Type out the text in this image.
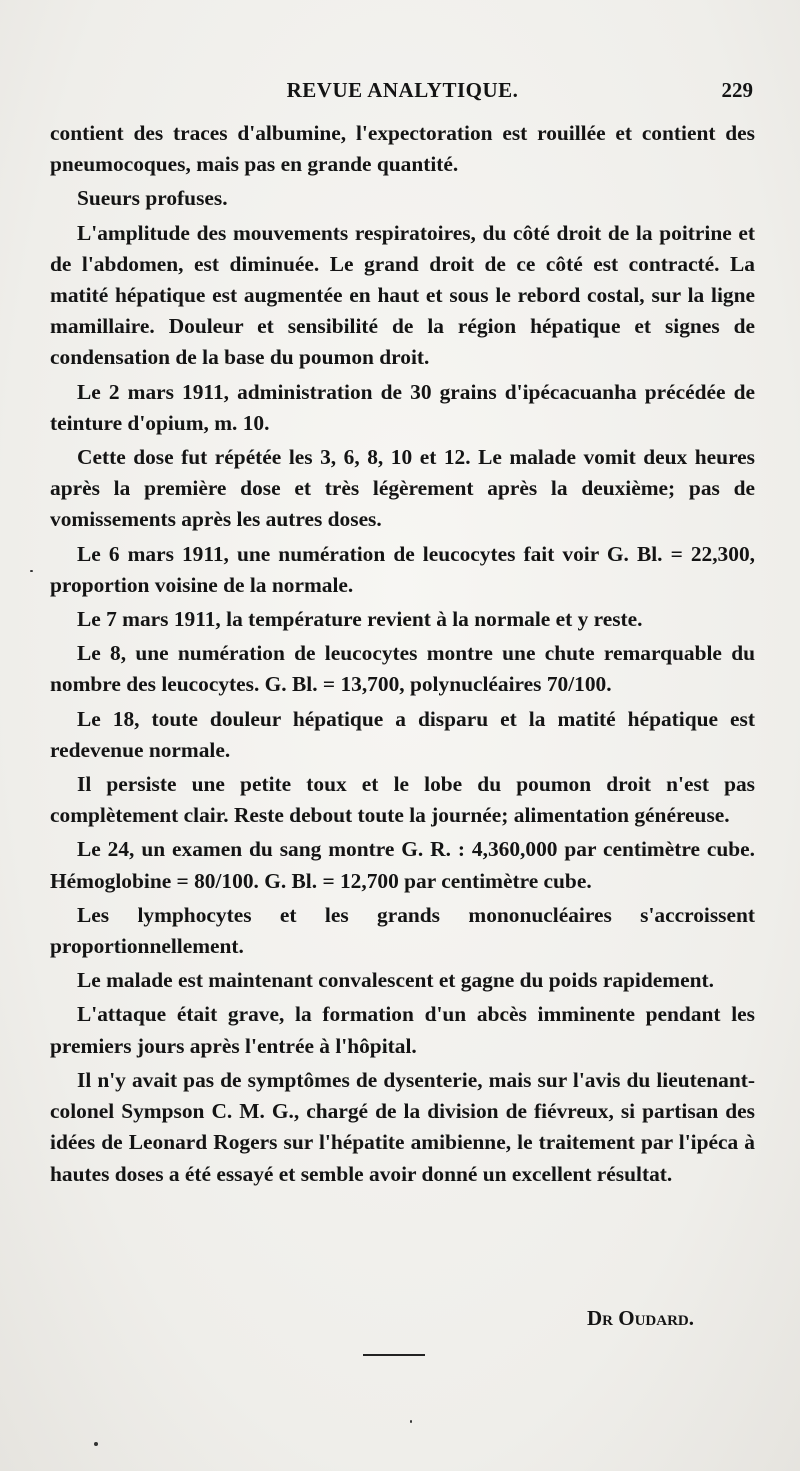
REVUE ANALYTIQUE.	229

contient des traces d'albumine, l'expectoration est rouillée et contient des pneumocoques, mais pas en grande quantité.

Sueurs profuses.

L'amplitude des mouvements respiratoires, du côté droit de la poitrine et de l'abdomen, est diminuée. Le grand droit de ce côté est contracté. La matité hépatique est augmentée en haut et sous le rebord costal, sur la ligne mamillaire. Douleur et sensibilité de la région hépatique et signes de condensation de la base du poumon droit.

Le 2 mars 1911, administration de 30 grains d'ipécacuanha précédée de teinture d'opium, m. 10.

Cette dose fut répétée les 3, 6, 8, 10 et 12. Le malade vomit deux heures après la première dose et très légèrement après la deuxième; pas de vomissements après les autres doses.

Le 6 mars 1911, une numération de leucocytes fait voir G. Bl. = 22,300, proportion voisine de la normale.

Le 7 mars 1911, la température revient à la normale et y reste.

Le 8, une numération de leucocytes montre une chute remarquable du nombre des leucocytes. G. Bl. = 13,700, polynucléaires 70/100.

Le 18, toute douleur hépatique a disparu et la matité hépatique est redevenue normale.

Il persiste une petite toux et le lobe du poumon droit n'est pas complètement clair. Reste debout toute la journée; alimentation généreuse.

Le 24, un examen du sang montre G. R. : 4,360,000 par centimètre cube. Hémoglobine = 80/100. G. Bl. = 12,700 par centimètre cube.

Les lymphocytes et les grands mononucléaires s'accroissent proportionnellement.

Le malade est maintenant convalescent et gagne du poids rapidement.

L'attaque était grave, la formation d'un abcès imminente pendant les premiers jours après l'entrée à l'hôpital.

Il n'y avait pas de symptômes de dysenterie, mais sur l'avis du lieutenant-colonel Sympson C. M. G., chargé de la division de fiévreux, si partisan des idées de Leonard Rogers sur l'hépatite amibienne, le traitement par l'ipéca à hautes doses a été essayé et semble avoir donné un excellent résultat.

Dr Oudard.
